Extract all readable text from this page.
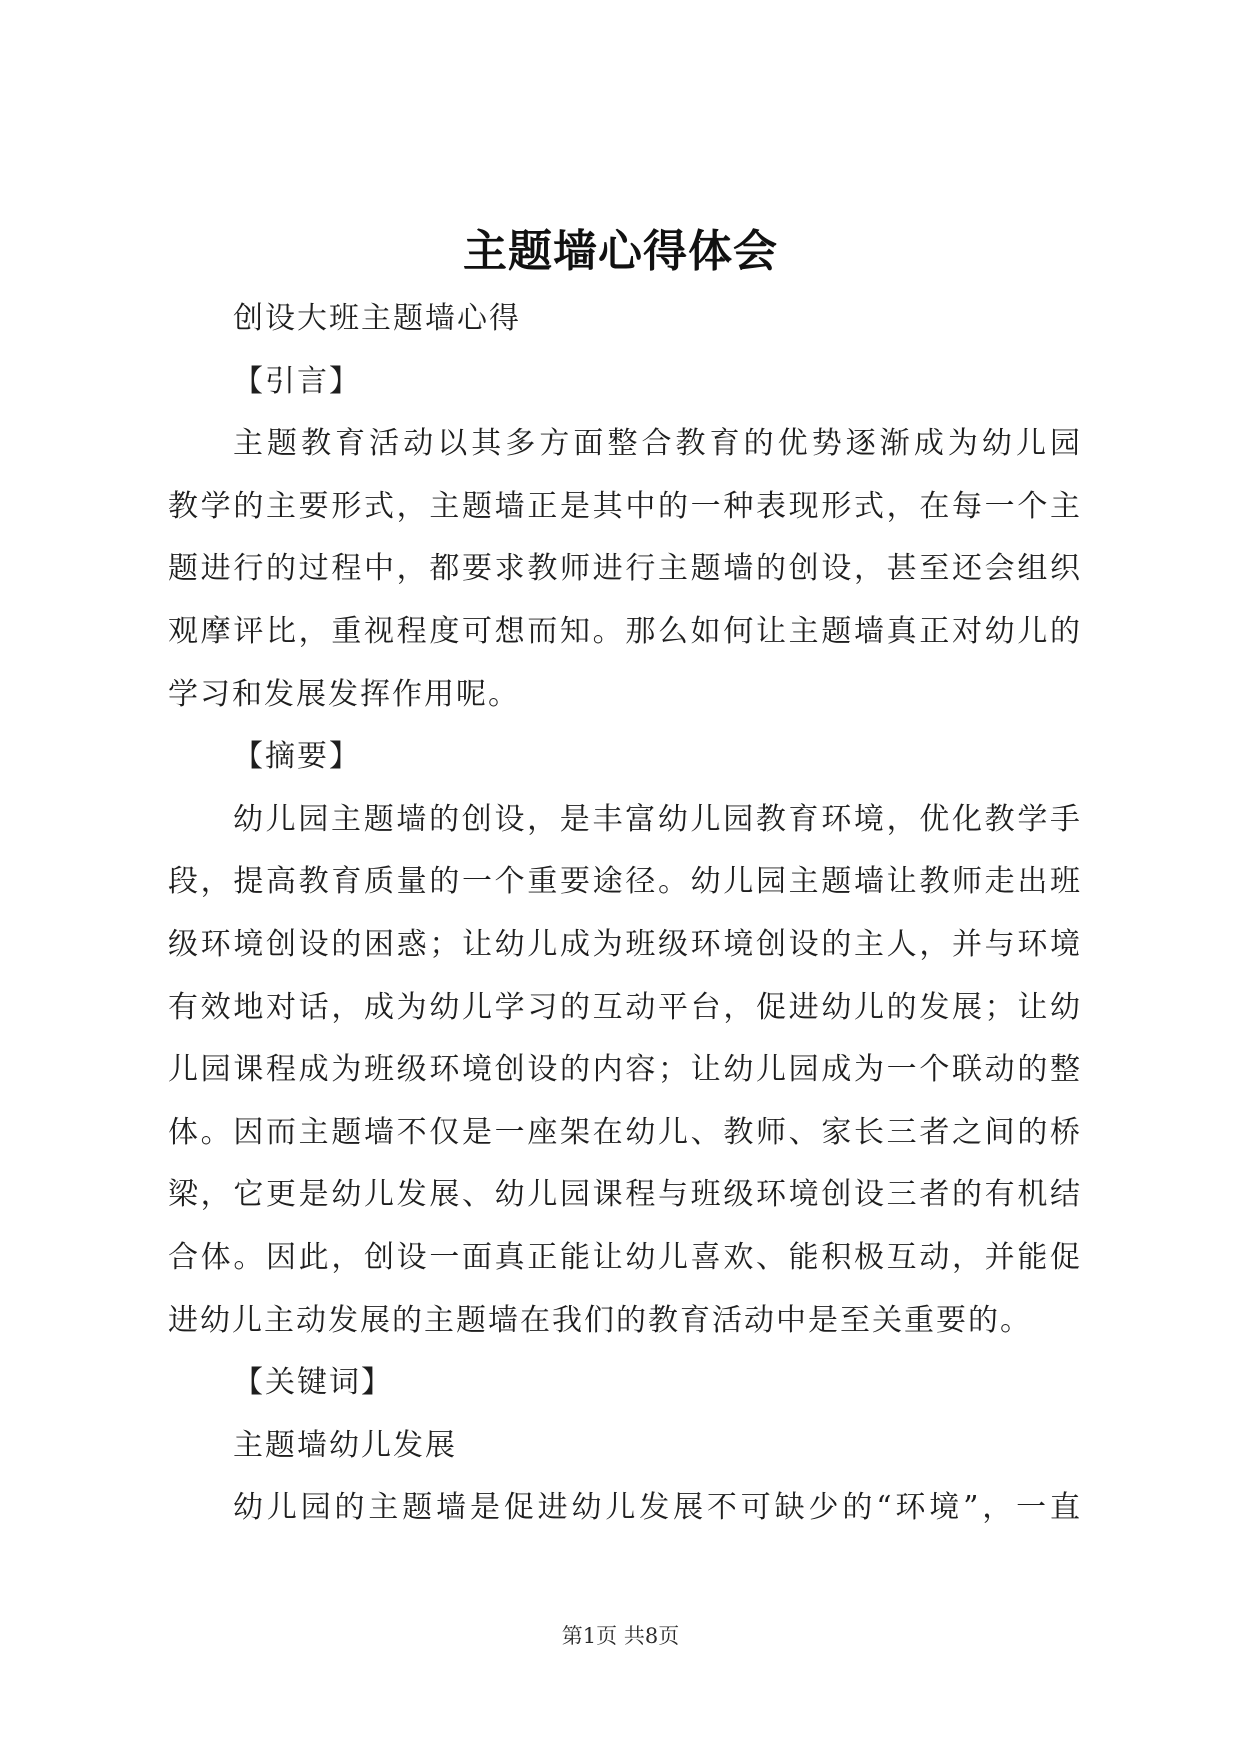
主题墙心得体会
创设大班主题墙心得
【引言】
主题教育活动以其多方面整合教育的优势逐渐成为幼儿园
教学的主要形式，主题墙正是其中的一种表现形式，在每一个主
题进行的过程中，都要求教师进行主题墙的创设，甚至还会组织
观摩评比，重视程度可想而知。那么如何让主题墙真正对幼儿的
学习和发展发挥作用呢。
【摘要】
幼儿园主题墙的创设，是丰富幼儿园教育环境，优化教学手
段，提高教育质量的一个重要途径。幼儿园主题墙让教师走出班
级环境创设的困惑；让幼儿成为班级环境创设的主人，并与环境
有效地对话，成为幼儿学习的互动平台，促进幼儿的发展；让幼
儿园课程成为班级环境创设的内容；让幼儿园成为一个联动的整
体。因而主题墙不仅是一座架在幼儿、教师、家长三者之间的桥
梁，它更是幼儿发展、幼儿园课程与班级环境创设三者的有机结
合体。因此，创设一面真正能让幼儿喜欢、能积极互动，并能促
进幼儿主动发展的主题墙在我们的教育活动中是至关重要的。
【关键词】
主题墙幼儿发展
幼儿园的主题墙是促进幼儿发展不可缺少的“环境”，一直
第1页 共8页
